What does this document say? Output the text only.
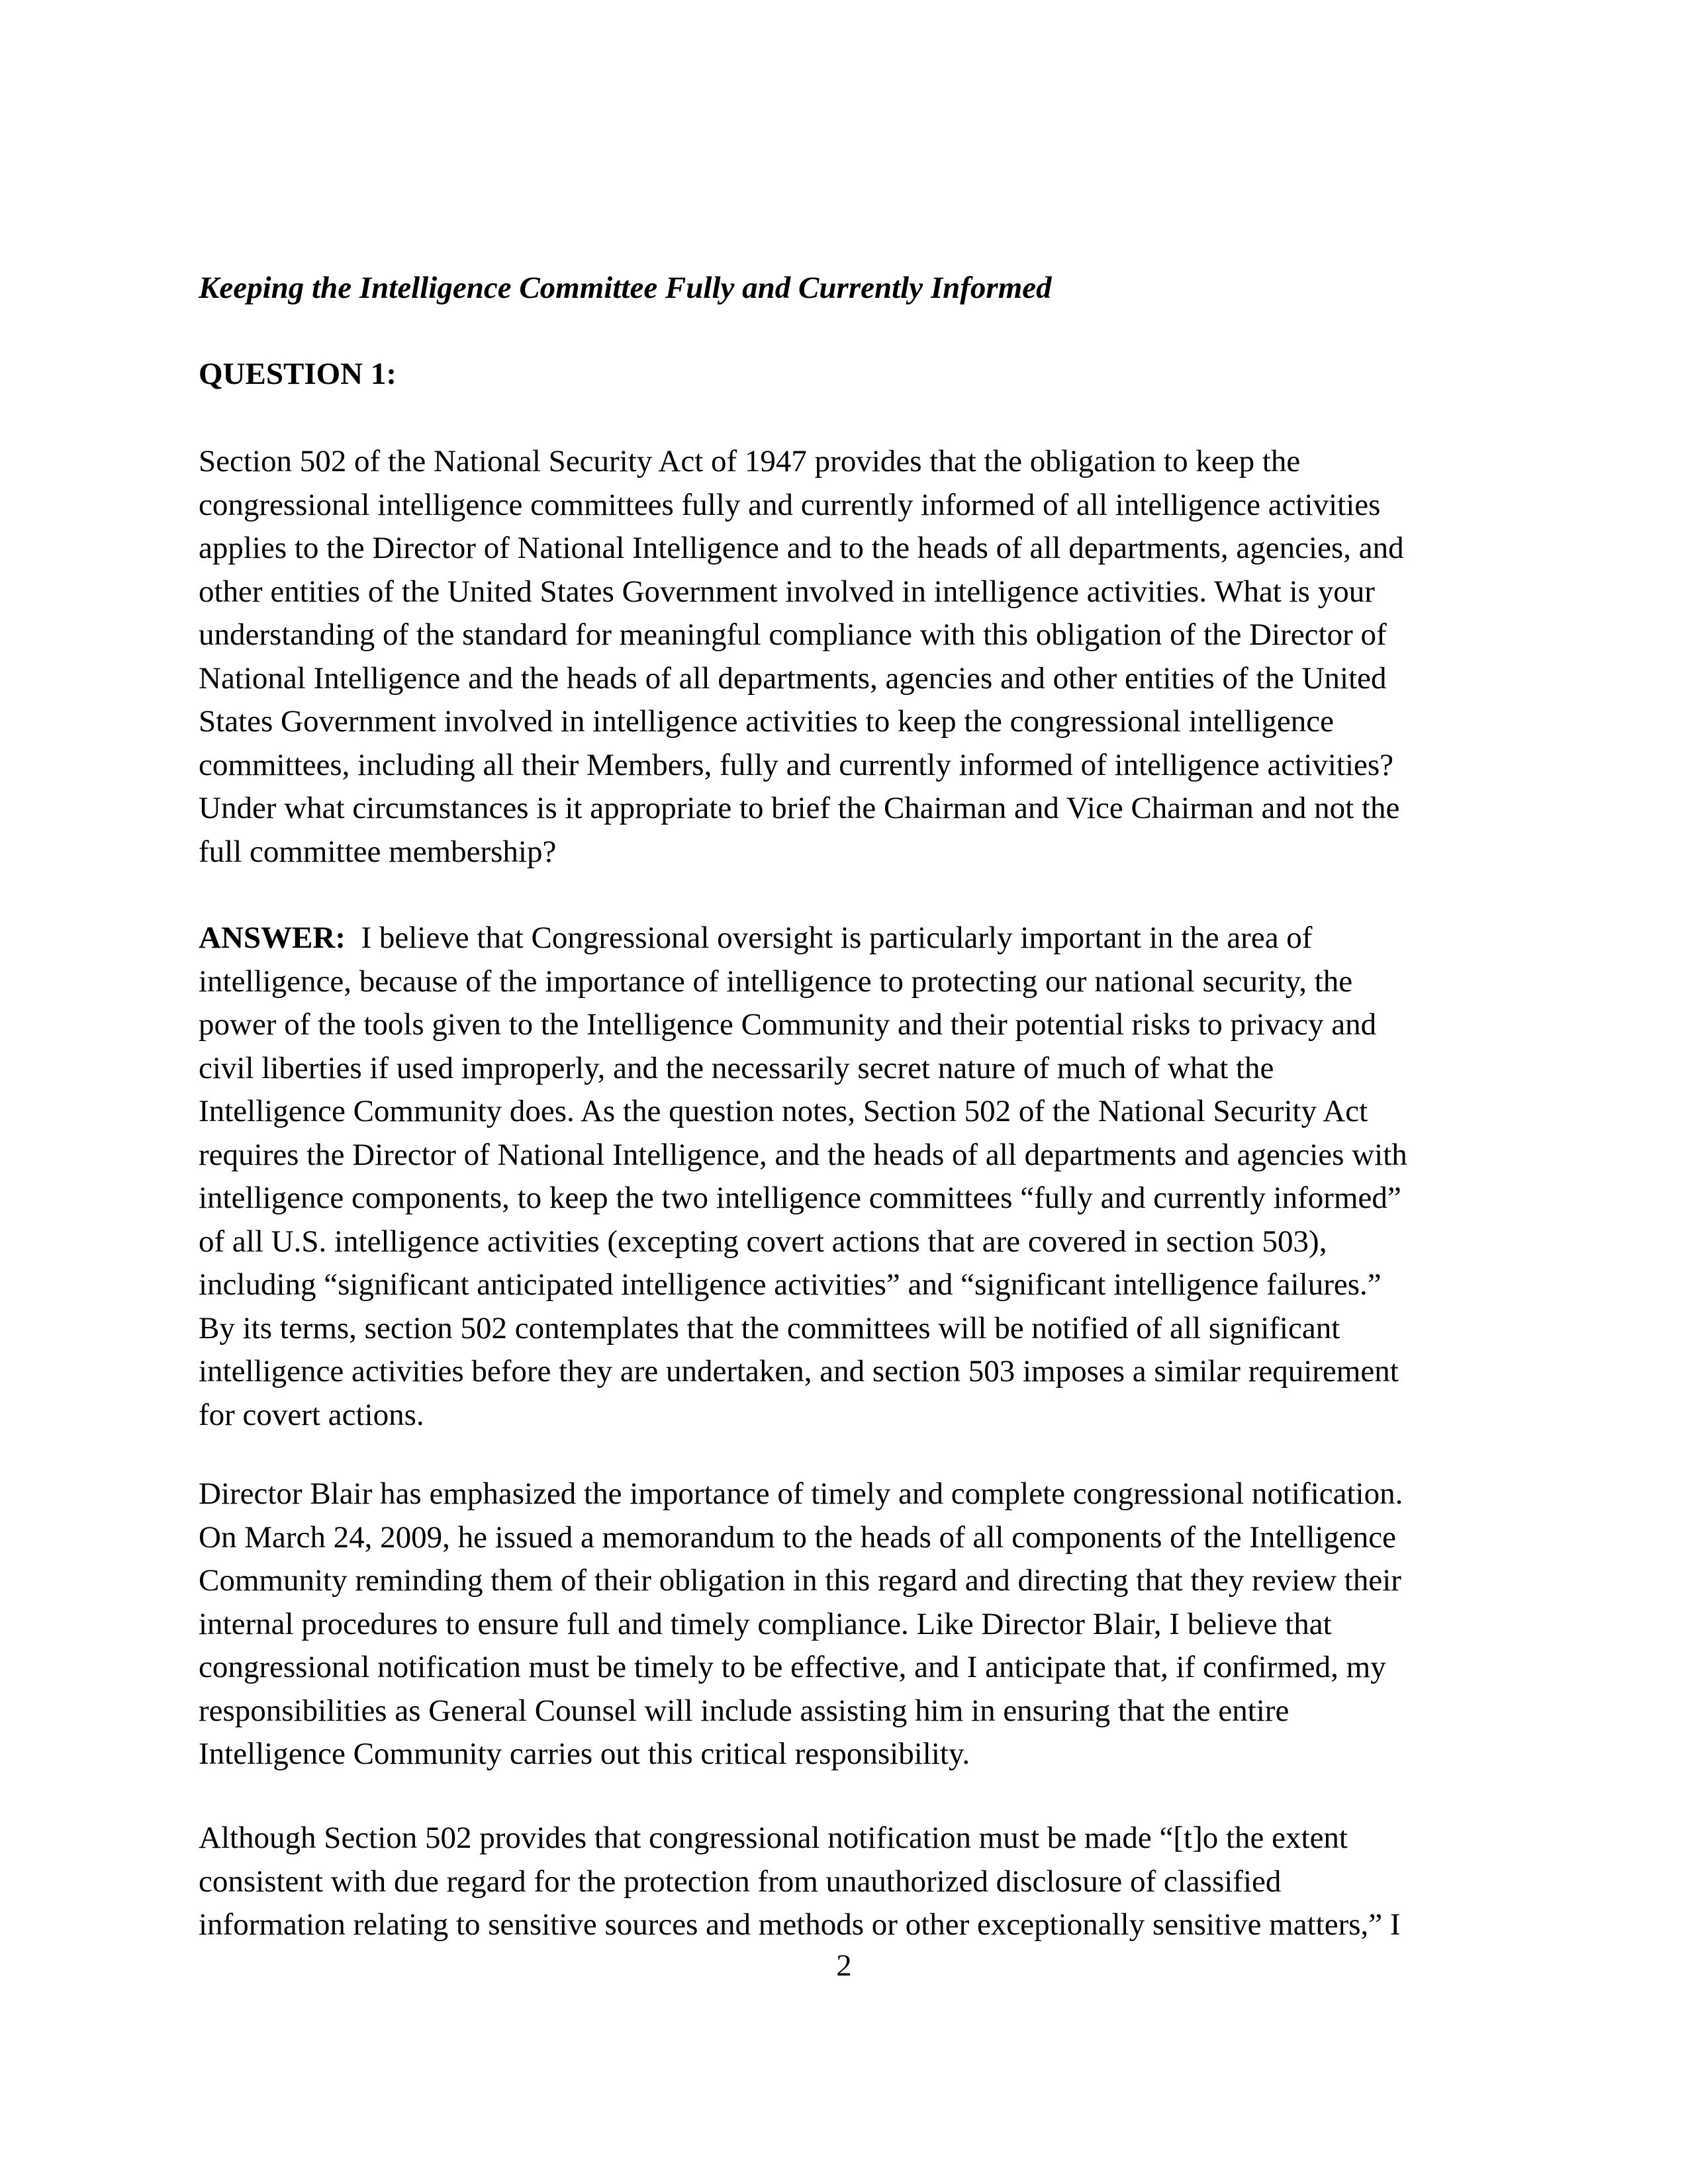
Keeping the Intelligence Committee Fully and Currently Informed
QUESTION 1:
Section 502 of the National Security Act of 1947 provides that the obligation to keep the
congressional intelligence committees fully and currently informed of all intelligence activities
applies to the Director of National Intelligence and to the heads of all departments, agencies, and
other entities of the United States Government involved in intelligence activities. What is your
understanding of the standard for meaningful compliance with this obligation of the Director of
National Intelligence and the heads of all departments, agencies and other entities of the United
States Government involved in intelligence activities to keep the congressional intelligence
committees, including all their Members, fully and currently informed of intelligence activities?
Under what circumstances is it appropriate to brief the Chairman and Vice Chairman and not the
full committee membership?
ANSWER:  I believe that Congressional oversight is particularly important in the area of
intelligence, because of the importance of intelligence to protecting our national security, the
power of the tools given to the Intelligence Community and their potential risks to privacy and
civil liberties if used improperly, and the necessarily secret nature of much of what the
Intelligence Community does. As the question notes, Section 502 of the National Security Act
requires the Director of National Intelligence, and the heads of all departments and agencies with
intelligence components, to keep the two intelligence committees “fully and currently informed”
of all U.S. intelligence activities (excepting covert actions that are covered in section 503),
including “significant anticipated intelligence activities” and “significant intelligence failures.”
By its terms, section 502 contemplates that the committees will be notified of all significant
intelligence activities before they are undertaken, and section 503 imposes a similar requirement
for covert actions.
Director Blair has emphasized the importance of timely and complete congressional notification.
On March 24, 2009, he issued a memorandum to the heads of all components of the Intelligence
Community reminding them of their obligation in this regard and directing that they review their
internal procedures to ensure full and timely compliance. Like Director Blair, I believe that
congressional notification must be timely to be effective, and I anticipate that, if confirmed, my
responsibilities as General Counsel will include assisting him in ensuring that the entire
Intelligence Community carries out this critical responsibility.
Although Section 502 provides that congressional notification must be made “[t]o the extent
consistent with due regard for the protection from unauthorized disclosure of classified
information relating to sensitive sources and methods or other exceptionally sensitive matters,” I
2
